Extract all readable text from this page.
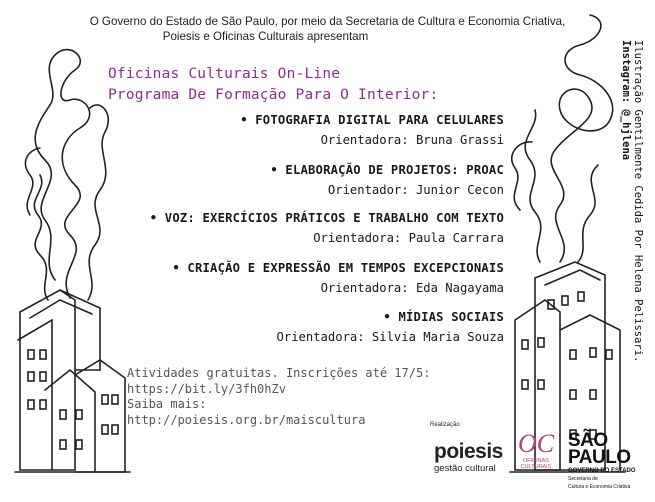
O Governo do Estado de São Paulo, por meio da Secretaria de Cultura e Economia Criativa,
Poiesis e Oficinas Culturais apresentam
Oficinas Culturais On-Line
Programa De Formação Para O Interior:
• FOTOGRAFIA DIGITAL PARA CELULARES
Orientadora: Bruna Grassi
• ELABORAÇÃO DE PROJETOS: PROAC
Orientador: Junior Cecon
• VOZ: EXERCÍCIOS PRÁTICOS E TRABALHO COM TEXTO
Orientadora: Paula Carrara
• CRIAÇÃO E EXPRESSÃO EM TEMPOS EXCEPCIONAIS
Orientadora: Eda Nagayama
• MÍDIAS SOCIAIS
Orientadora: Silvia Maria Souza
Atividades gratuitas. Inscrições até 17/5:
https://bit.ly/3fh0hZv
Saiba mais:
http://poiesis.org.br/maiscultura
Ilustração Gentilmente Cedida Por Helena Pelissari.
Instagram: @_hjlena
Realização
poiesis
gestão cultural
OC
OFICINAS
CULTURAIS
SÃO
PAULO
GOVERNO DO ESTADO
Secretaria de
Cultura e Economia Criativa
